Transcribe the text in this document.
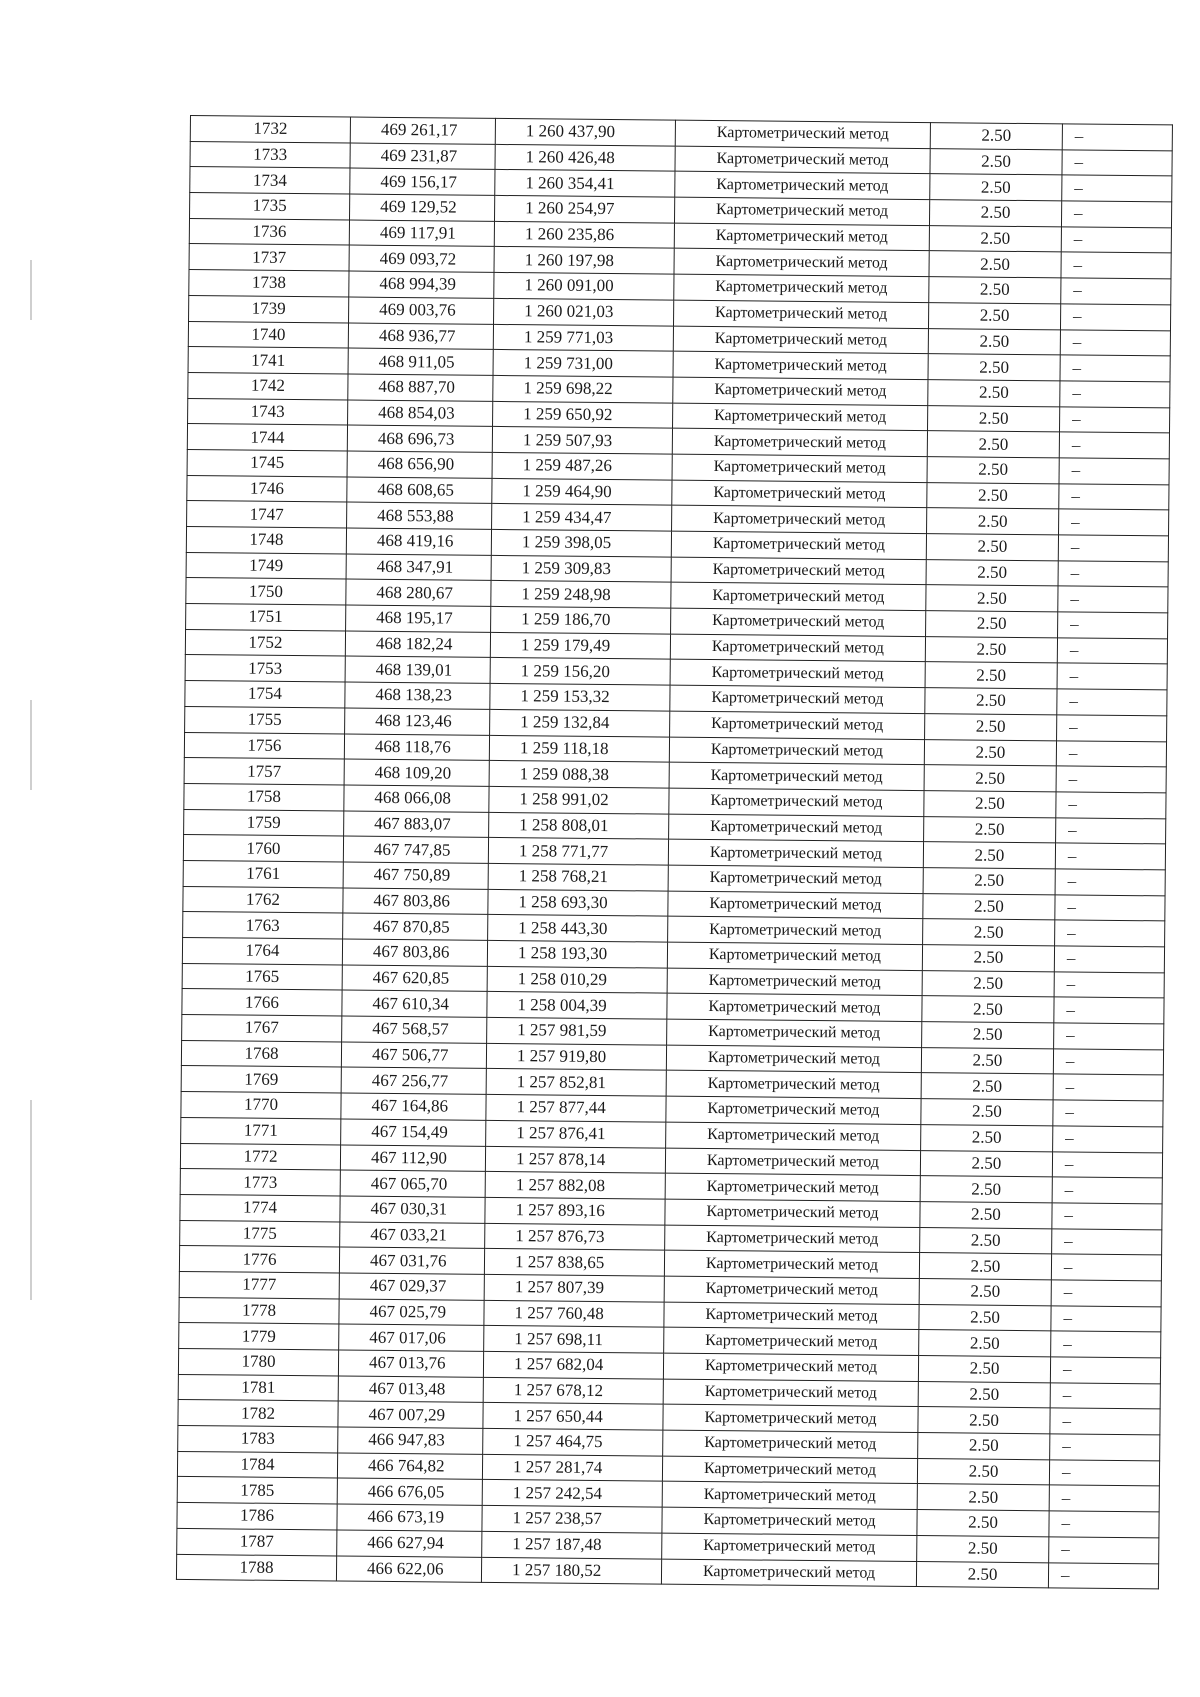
1732	469 261,17	1 260 437,90	Картометрический метод	2.50	–
1733	469 231,87	1 260 426,48	Картометрический метод	2.50	–
1734	469 156,17	1 260 354,41	Картометрический метод	2.50	–
1735	469 129,52	1 260 254,97	Картометрический метод	2.50	–
1736	469 117,91	1 260 235,86	Картометрический метод	2.50	–
1737	469 093,72	1 260 197,98	Картометрический метод	2.50	–
1738	468 994,39	1 260 091,00	Картометрический метод	2.50	–
1739	469 003,76	1 260 021,03	Картометрический метод	2.50	–
1740	468 936,77	1 259 771,03	Картометрический метод	2.50	–
1741	468 911,05	1 259 731,00	Картометрический метод	2.50	–
1742	468 887,70	1 259 698,22	Картометрический метод	2.50	–
1743	468 854,03	1 259 650,92	Картометрический метод	2.50	–
1744	468 696,73	1 259 507,93	Картометрический метод	2.50	–
1745	468 656,90	1 259 487,26	Картометрический метод	2.50	–
1746	468 608,65	1 259 464,90	Картометрический метод	2.50	–
1747	468 553,88	1 259 434,47	Картометрический метод	2.50	–
1748	468 419,16	1 259 398,05	Картометрический метод	2.50	–
1749	468 347,91	1 259 309,83	Картометрический метод	2.50	–
1750	468 280,67	1 259 248,98	Картометрический метод	2.50	–
1751	468 195,17	1 259 186,70	Картометрический метод	2.50	–
1752	468 182,24	1 259 179,49	Картометрический метод	2.50	–
1753	468 139,01	1 259 156,20	Картометрический метод	2.50	–
1754	468 138,23	1 259 153,32	Картометрический метод	2.50	–
1755	468 123,46	1 259 132,84	Картометрический метод	2.50	–
1756	468 118,76	1 259 118,18	Картометрический метод	2.50	–
1757	468 109,20	1 259 088,38	Картометрический метод	2.50	–
1758	468 066,08	1 258 991,02	Картометрический метод	2.50	–
1759	467 883,07	1 258 808,01	Картометрический метод	2.50	–
1760	467 747,85	1 258 771,77	Картометрический метод	2.50	–
1761	467 750,89	1 258 768,21	Картометрический метод	2.50	–
1762	467 803,86	1 258 693,30	Картометрический метод	2.50	–
1763	467 870,85	1 258 443,30	Картометрический метод	2.50	–
1764	467 803,86	1 258 193,30	Картометрический метод	2.50	–
1765	467 620,85	1 258 010,29	Картометрический метод	2.50	–
1766	467 610,34	1 258 004,39	Картометрический метод	2.50	–
1767	467 568,57	1 257 981,59	Картометрический метод	2.50	–
1768	467 506,77	1 257 919,80	Картометрический метод	2.50	–
1769	467 256,77	1 257 852,81	Картометрический метод	2.50	–
1770	467 164,86	1 257 877,44	Картометрический метод	2.50	–
1771	467 154,49	1 257 876,41	Картометрический метод	2.50	–
1772	467 112,90	1 257 878,14	Картометрический метод	2.50	–
1773	467 065,70	1 257 882,08	Картометрический метод	2.50	–
1774	467 030,31	1 257 893,16	Картометрический метод	2.50	–
1775	467 033,21	1 257 876,73	Картометрический метод	2.50	–
1776	467 031,76	1 257 838,65	Картометрический метод	2.50	–
1777	467 029,37	1 257 807,39	Картометрический метод	2.50	–
1778	467 025,79	1 257 760,48	Картометрический метод	2.50	–
1779	467 017,06	1 257 698,11	Картометрический метод	2.50	–
1780	467 013,76	1 257 682,04	Картометрический метод	2.50	–
1781	467 013,48	1 257 678,12	Картометрический метод	2.50	–
1782	467 007,29	1 257 650,44	Картометрический метод	2.50	–
1783	466 947,83	1 257 464,75	Картометрический метод	2.50	–
1784	466 764,82	1 257 281,74	Картометрический метод	2.50	–
1785	466 676,05	1 257 242,54	Картометрический метод	2.50	–
1786	466 673,19	1 257 238,57	Картометрический метод	2.50	–
1787	466 627,94	1 257 187,48	Картометрический метод	2.50	–
1788	466 622,06	1 257 180,52	Картометрический метод	2.50	–
